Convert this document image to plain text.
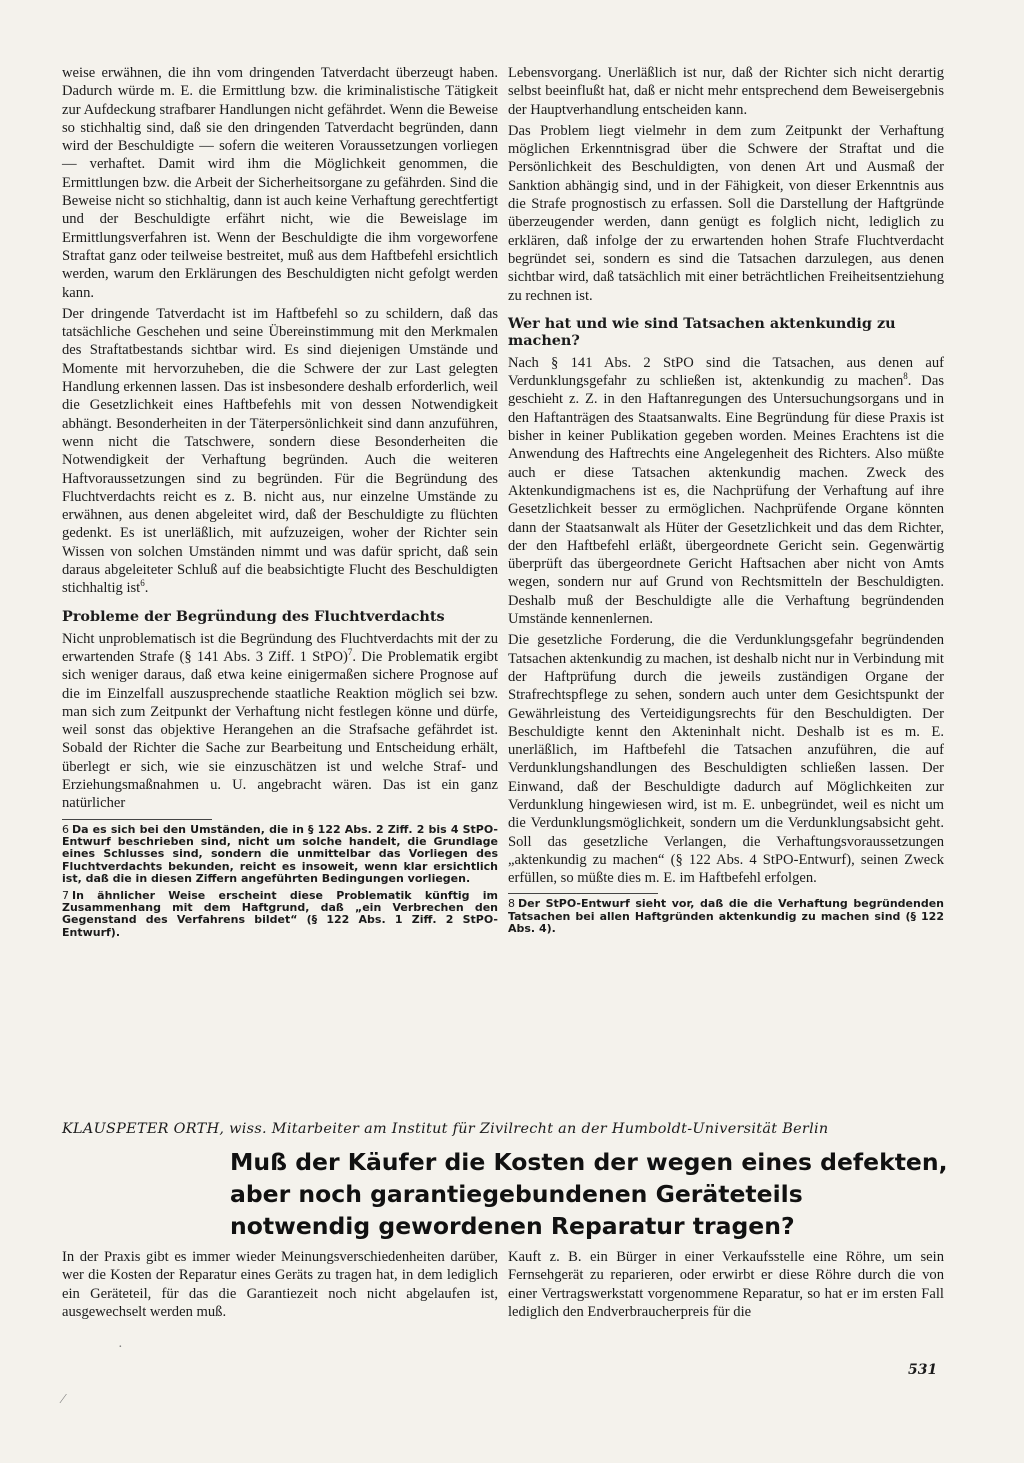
weise erwähnen, die ihn vom dringenden Tatverdacht überzeugt haben. Dadurch würde m. E. die Ermittlung bzw. die kriminalistische Tätigkeit zur Aufdeckung strafbarer Handlungen nicht gefährdet. Wenn die Beweise so stichhaltig sind, daß sie den dringenden Tatverdacht begründen, dann wird der Beschuldigte — sofern die weiteren Voraussetzungen vorliegen — verhaftet. Damit wird ihm die Möglichkeit genommen, die Ermittlungen bzw. die Arbeit der Sicherheitsorgane zu gefährden. Sind die Beweise nicht so stichhaltig, dann ist auch keine Verhaftung gerechtfertigt und der Beschuldigte erfährt nicht, wie die Beweislage im Ermittlungsverfahren ist. Wenn der Beschuldigte die ihm vorgeworfene Straftat ganz oder teilweise bestreitet, muß aus dem Haftbefehl ersichtlich werden, warum den Erklärungen des Beschuldigten nicht gefolgt werden kann.

Der dringende Tatverdacht ist im Haftbefehl so zu schildern, daß das tatsächliche Geschehen und seine Übereinstimmung mit den Merkmalen des Straftatbestands sichtbar wird. Es sind diejenigen Umstände und Momente mit hervorzuheben, die die Schwere der zur Last gelegten Handlung erkennen lassen. Das ist insbesondere deshalb erforderlich, weil die Gesetzlichkeit eines Haftbefehls mit von dessen Notwendigkeit abhängt. Besonderheiten in der Täterpersönlichkeit sind dann anzuführen, wenn nicht die Tatschwere, sondern diese Besonderheiten die Notwendigkeit der Verhaftung begründen. Auch die weiteren Haftvoraussetzungen sind zu begründen. Für die Begründung des Fluchtverdachts reicht es z. B. nicht aus, nur einzelne Umstände zu erwähnen, aus denen abgeleitet wird, daß der Beschuldigte zu flüchten gedenkt. Es ist unerläßlich, mit aufzuzeigen, woher der Richter sein Wissen von solchen Umständen nimmt und was dafür spricht, daß sein daraus abgeleiteter Schluß auf die beabsichtigte Flucht des Beschuldigten stichhaltig ist$^6$.

Probleme der Begründung des Fluchtverdachts

Nicht unproblematisch ist die Begründung des Fluchtverdachts mit der zu erwartenden Strafe (§ 141 Abs. 3 Ziff. 1 StPO)$^7$. Die Problematik ergibt sich weniger daraus, daß etwa keine einigermaßen sichere Prognose auf die im Einzelfall auszusprechende staatliche Reaktion möglich sei bzw. man sich zum Zeitpunkt der Verhaftung nicht festlegen könne und dürfe, weil sonst das objektive Herangehen an die Strafsache gefährdet ist. Sobald der Richter die Sache zur Bearbeitung und Entscheidung erhält, überlegt er sich, wie sie einzuschätzen ist und welche Straf- und Erziehungsmaßnahmen u. U. angebracht wären. Das ist ein ganz natürlicher

6 Da es sich bei den Umständen, die in § 122 Abs. 2 Ziff. 2 bis 4 StPO-Entwurf beschrieben sind, nicht um solche handelt, die Grundlage eines Schlusses sind, sondern die unmittelbar das Vorliegen des Fluchtverdachts bekunden, reicht es insoweit, wenn klar ersichtlich ist, daß die in diesen Ziffern angeführten Bedingungen vorliegen.

7 In ähnlicher Weise erscheint diese Problematik künftig im Zusammenhang mit dem Haftgrund, daß „ein Verbrechen den Gegenstand des Verfahrens bildet“ (§ 122 Abs. 1 Ziff. 2 StPO-Entwurf).

Lebensvorgang. Unerläßlich ist nur, daß der Richter sich nicht derartig selbst beeinflußt hat, daß er nicht mehr entsprechend dem Beweisergebnis der Hauptverhandlung entscheiden kann.

Das Problem liegt vielmehr in dem zum Zeitpunkt der Verhaftung möglichen Erkenntnisgrad über die Schwere der Straftat und die Persönlichkeit des Beschuldigten, von denen Art und Ausmaß der Sanktion abhängig sind, und in der Fähigkeit, von dieser Erkenntnis aus die Strafe prognostisch zu erfassen. Soll die Darstellung der Haftgründe überzeugender werden, dann genügt es folglich nicht, lediglich zu erklären, daß infolge der zu erwartenden hohen Strafe Fluchtverdacht begründet sei, sondern es sind die Tatsachen darzulegen, aus denen sichtbar wird, daß tatsächlich mit einer beträchtlichen Freiheitsentziehung zu rechnen ist.

Wer hat und wie sind Tatsachen aktenkundig zu machen?

Nach § 141 Abs. 2 StPO sind die Tatsachen, aus denen auf Verdunklungsgefahr zu schließen ist, aktenkundig zu machen$^8$. Das geschieht z. Z. in den Haftanregungen des Untersuchungsorgans und in den Haftanträgen des Staatsanwalts. Eine Begründung für diese Praxis ist bisher in keiner Publikation gegeben worden. Meines Erachtens ist die Anwendung des Haftrechts eine Angelegenheit des Richters. Also müßte auch er diese Tatsachen aktenkundig machen. Zweck des Aktenkundigmachens ist es, die Nachprüfung der Verhaftung auf ihre Gesetzlichkeit besser zu ermöglichen. Nachprüfende Organe könnten dann der Staatsanwalt als Hüter der Gesetzlichkeit und das dem Richter, der den Haftbefehl erläßt, übergeordnete Gericht sein. Gegenwärtig überprüft das übergeordnete Gericht Haftsachen aber nicht von Amts wegen, sondern nur auf Grund von Rechtsmitteln der Beschuldigten. Deshalb muß der Beschuldigte alle die Verhaftung begründenden Umstände kennenlernen.

Die gesetzliche Forderung, die die Verdunklungsgefahr begründenden Tatsachen aktenkundig zu machen, ist deshalb nicht nur in Verbindung mit der Haftprüfung durch die jeweils zuständigen Organe der Strafrechtspflege zu sehen, sondern auch unter dem Gesichtspunkt der Gewährleistung des Verteidigungsrechts für den Beschuldigten. Der Beschuldigte kennt den Akteninhalt nicht. Deshalb ist es m. E. unerläßlich, im Haftbefehl die Tatsachen anzuführen, die auf Verdunklungshandlungen des Beschuldigten schließen lassen. Der Einwand, daß der Beschuldigte dadurch auf Möglichkeiten zur Verdunklung hingewiesen wird, ist m. E. unbegründet, weil es nicht um die Verdunklungsmöglichkeit, sondern um die Verdunklungsabsicht geht. Soll das gesetzliche Verlangen, die Verhaftungsvoraussetzungen „aktenkundig zu machen“ (§ 122 Abs. 4 StPO-Entwurf), seinen Zweck erfüllen, so müßte dies m. E. im Haftbefehl erfolgen.

8 Der StPO-Entwurf sieht vor, daß die die Verhaftung begründenden Tatsachen bei allen Haftgründen aktenkundig zu machen sind (§ 122 Abs. 4).

KLAUSPETER ORTH, wiss. Mitarbeiter am Institut für Zivilrecht an der Humboldt-Universität Berlin
Muß der Käufer die Kosten der wegen eines defekten, aber noch garantiegebundenen Geräteteils notwendig gewordenen Reparatur tragen?

In der Praxis gibt es immer wieder Meinungsverschiedenheiten darüber, wer die Kosten der Reparatur eines Geräts zu tragen hat, in dem lediglich ein Geräteteil, für das die Garantiezeit noch nicht abgelaufen ist, ausgewechselt werden muß.

Kauft z. B. ein Bürger in einer Verkaufsstelle eine Röhre, um sein Fernsehgerät zu reparieren, oder erwirbt er diese Röhre durch die von einer Vertragswerkstatt vorgenommene Reparatur, so hat er im ersten Fall lediglich den Endverbraucherpreis für die

531
·
⁄
